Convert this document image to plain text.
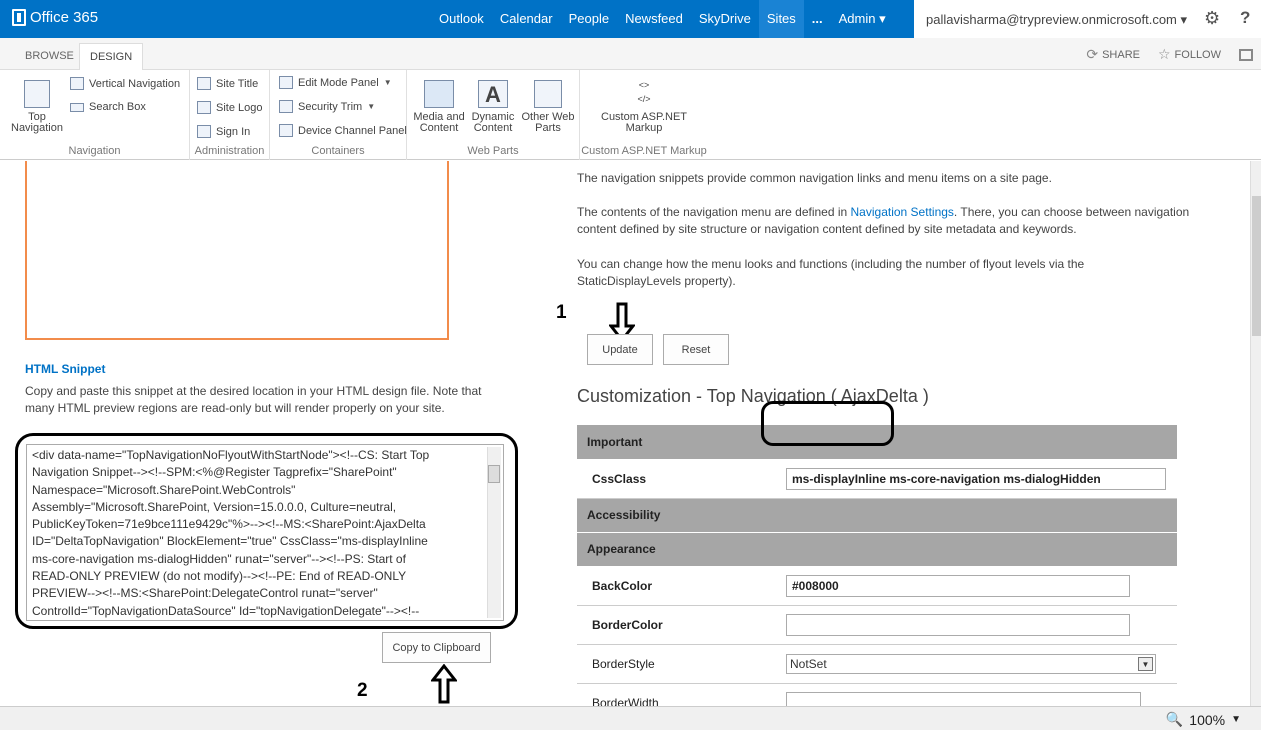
Office 365	Outlook	Calendar	People	Newsfeed	SkyDrive	Sites	...	Admin ▾	pallavisharma@trypreview.onmicrosoft.com ▾ ⚙ ?
BROWSE	DESIGN	⟳ SHARE ☆ FOLLOW
Top Navigation
Vertical Navigation
Search Box
Navigation
Site Title
Site Logo
Sign In
Administration
Edit Mode Panel ▼
Security Trim ▼
Device Channel Panel
Containers
Media and Content
A
Dynamic Content
Other Web Parts
Web Parts
<>
</>
Custom ASP.NET Markup
Custom ASP.NET Markup
HTML Snippet
Copy and paste this snippet at the desired location in your HTML design file. Note that many HTML preview regions are read-only but will render properly on your site.
<div data-name="TopNavigationNoFlyoutWithStartNode"><!--CS: Start Top
Navigation Snippet--><!--SPM:<%@Register Tagprefix="SharePoint"
Namespace="Microsoft.SharePoint.WebControls"
Assembly="Microsoft.SharePoint, Version=15.0.0.0, Culture=neutral,
PublicKeyToken=71e9bce111e9429c"%>--><!--MS:<SharePoint:AjaxDelta
ID="DeltaTopNavigation" BlockElement="true" CssClass="ms-displayInline
ms-core-navigation ms-dialogHidden" runat="server"--><!--PS: Start of
READ-ONLY PREVIEW (do not modify)--><!--PE: End of READ-ONLY
PREVIEW--><!--MS:<SharePoint:DelegateControl runat="server"
ControlId="TopNavigationDataSource" Id="topNavigationDelegate"--><!--
Copy to Clipboard
2
The navigation snippets provide common navigation links and menu items on a site page.
The contents of the navigation menu are defined in Navigation Settings. There, you can choose between navigation content defined by site structure or navigation content defined by site metadata and keywords.
You can change how the menu looks and functions (including the number of flyout levels via the StaticDisplayLevels property).
1
Update	Reset
Customization - Top Navigation ( AjaxDelta )
Important	
CssClass	ms-displayInline ms-core-navigation ms-dialogHidden
Accessibility	
Appearance	
BackColor	#008000
BorderColor	
BorderStyle	NotSet ▼

BorderWidth	
🔍 100% ▼
